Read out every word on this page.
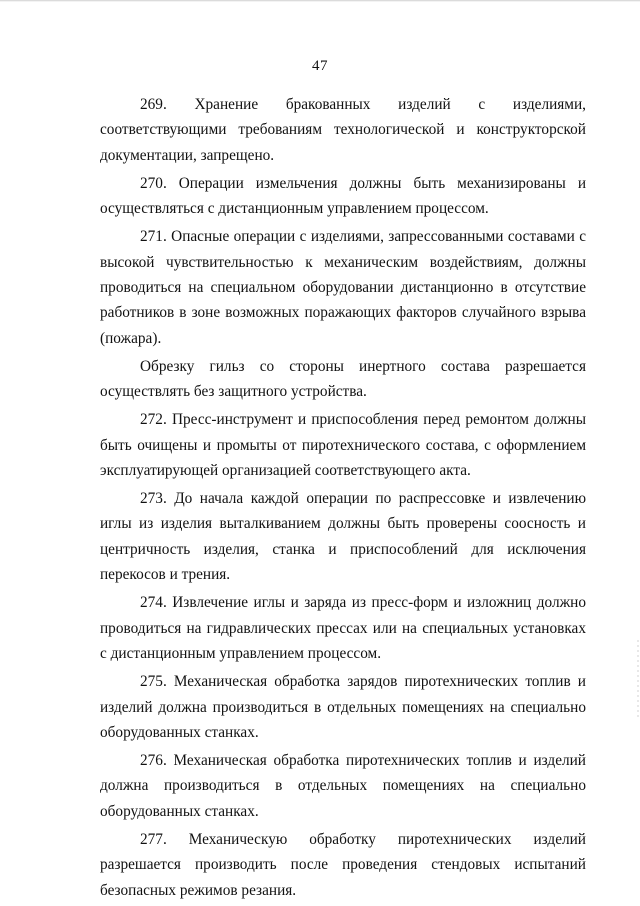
47

269. Хранение бракованных изделий с изделиями, соответствующими требованиям технологической и конструкторской документации, запрещено.

270. Операции измельчения должны быть механизированы и осуществляться с дистанционным управлением процессом.

271. Опасные операции с изделиями, запрессованными составами с высокой чувствительностью к механическим воздействиям, должны проводиться на специальном оборудовании дистанционно в отсутствие работников в зоне возможных поражающих факторов случайного взрыва (пожара).

Обрезку гильз со стороны инертного состава разрешается осуществлять без защитного устройства.

272. Пресс-инструмент и приспособления перед ремонтом должны быть очищены и промыты от пиротехнического состава, с оформлением эксплуатирующей организацией соответствующего акта.

273. До начала каждой операции по распрессовке и извлечению иглы из изделия выталкиванием должны быть проверены соосность и центричность изделия, станка и приспособлений для исключения перекосов и трения.

274. Извлечение иглы и заряда из пресс-форм и изложниц должно проводиться на гидравлических прессах или на специальных установках с дистанционным управлением процессом.

275. Механическая обработка зарядов пиротехнических топлив и изделий должна производиться в отдельных помещениях на специально оборудованных станках.

276. Механическая обработка пиротехнических топлив и изделий должна производиться в отдельных помещениях на специально оборудованных станках.

277. Механическую обработку пиротехнических изделий разрешается производить после проведения стендовых испытаний безопасных режимов резания.
